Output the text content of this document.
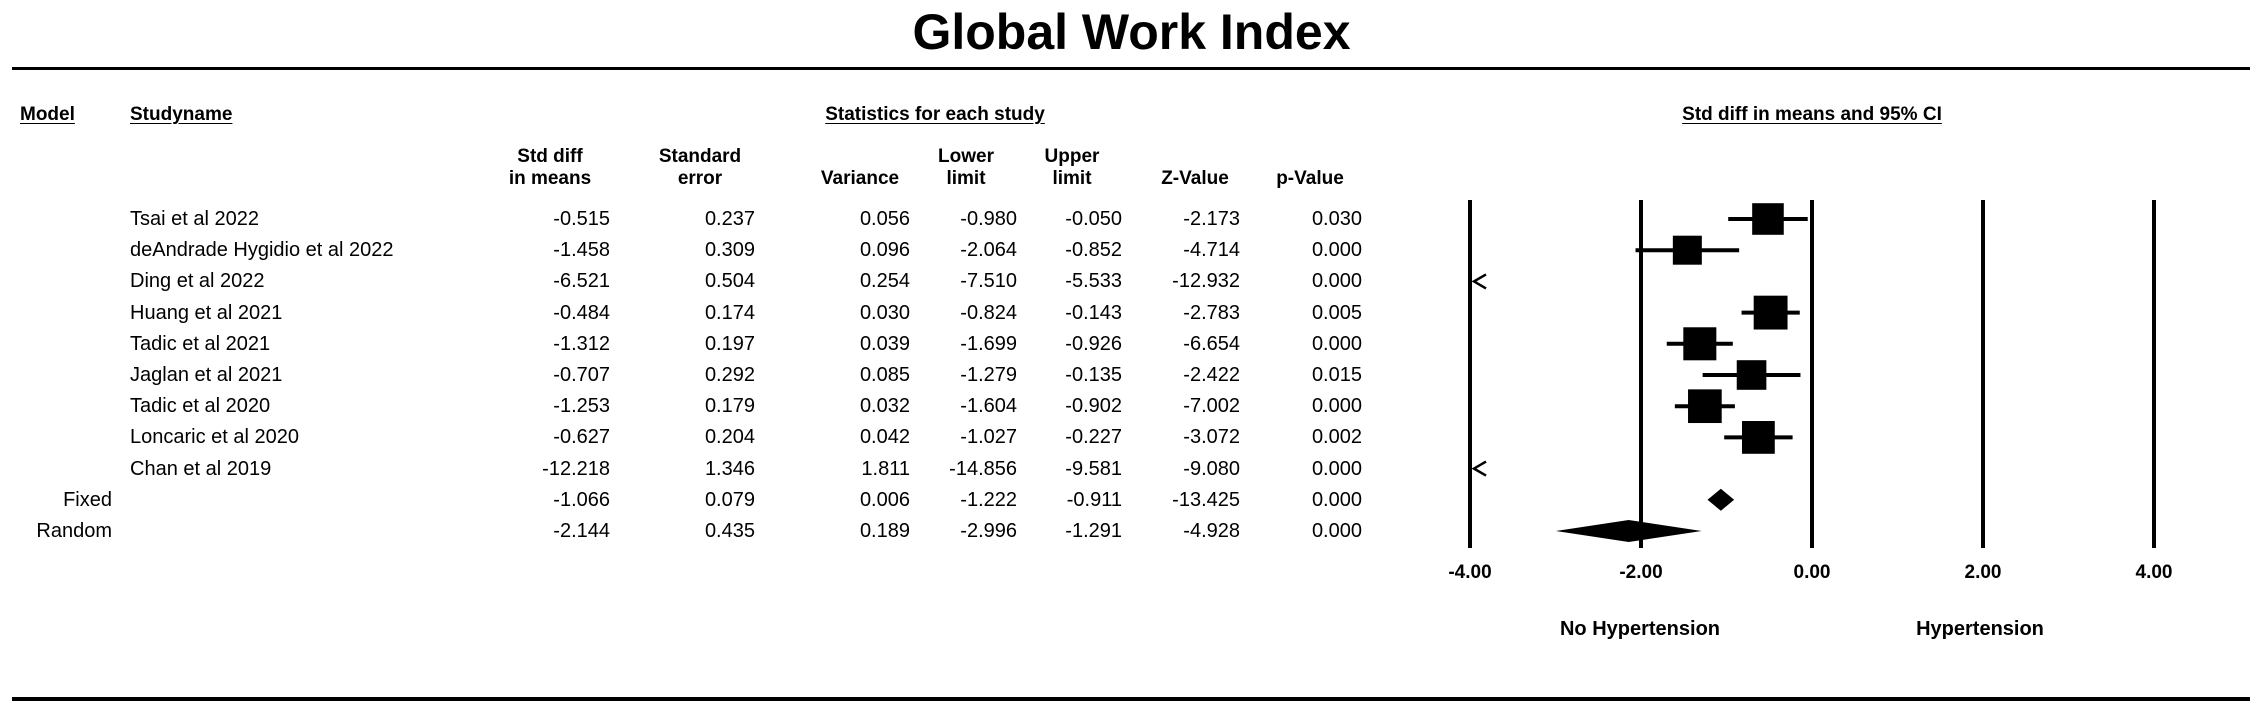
Global Work Index
Model	Studyname	Statistics for each study	Std diff in means and 95% CI
Std diff
in means
Standard
error
	Variance
Lower
limit
Upper
limit
	Z-Value
	p-Value
Tsai et al 2022	-0.515	0.237	0.056	-0.980	-0.050	-2.173	0.030
deAndrade Hygidio et al 2022	-1.458	0.309	0.096	-2.064	-0.852	-4.714	0.000
Ding et al 2022	-6.521	0.504	0.254	-7.510	-5.533	-12.932	0.000
Huang et al 2021	-0.484	0.174	0.030	-0.824	-0.143	-2.783	0.005
Tadic et al 2021	-1.312	0.197	0.039	-1.699	-0.926	-6.654	0.000
Jaglan et al 2021	-0.707	0.292	0.085	-1.279	-0.135	-2.422	0.015
Tadic et al 2020	-1.253	0.179	0.032	-1.604	-0.902	-7.002	0.000
Loncaric et al 2020	-0.627	0.204	0.042	-1.027	-0.227	-3.072	0.002
Chan et al 2019	-12.218	1.346	1.811	-14.856	-9.581	-9.080	0.000
Fixed	-1.066	0.079	0.006	-1.222	-0.911	-13.425	0.000
Random	-2.144	0.435	0.189	-2.996	-1.291	-4.928	0.000
-4.00	-2.00	0.00	2.00	4.00
No Hypertension	Hypertension
